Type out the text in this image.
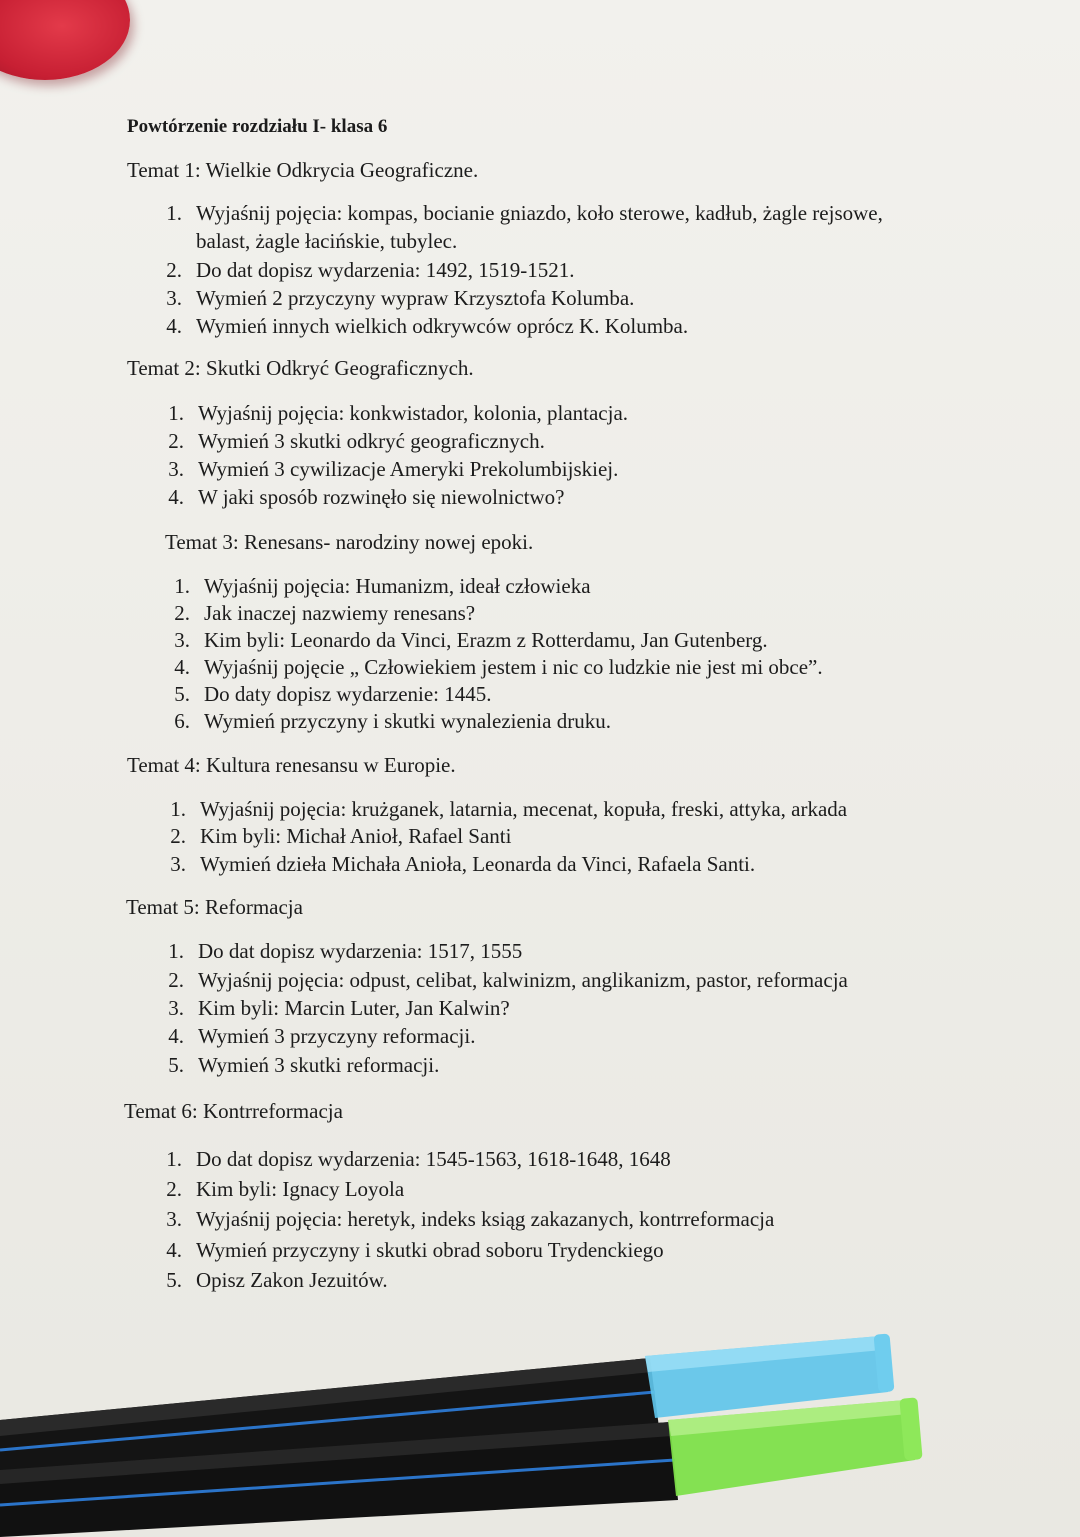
Powtórzenie rozdziału I- klasa 6
Temat 1: Wielkie Odkrycia Geograficzne.
1. Wyjaśnij pojęcia: kompas, bocianie gniazdo, koło sterowe, kadłub, żagle rejsowe,
balast, żagle łacińskie, tubylec.
2. Do dat dopisz wydarzenia: 1492, 1519-1521.
3. Wymień 2 przyczyny wypraw Krzysztofa Kolumba.
4. Wymień innych wielkich odkrywców oprócz K. Kolumba.
Temat 2: Skutki Odkryć Geograficznych.
1. Wyjaśnij pojęcia: konkwistador, kolonia, plantacja.
2. Wymień 3 skutki odkryć geograficznych.
3. Wymień 3 cywilizacje Ameryki Prekolumbijskiej.
4. W jaki sposób rozwinęło się niewolnictwo?
Temat 3: Renesans- narodziny nowej epoki.
1. Wyjaśnij pojęcia: Humanizm, ideał człowieka
2. Jak inaczej nazwiemy renesans?
3. Kim byli: Leonardo da Vinci, Erazm z Rotterdamu, Jan Gutenberg.
4. Wyjaśnij pojęcie „ Człowiekiem jestem i nic co ludzkie nie jest mi obce”.
5. Do daty dopisz wydarzenie: 1445.
6. Wymień przyczyny i skutki wynalezienia druku.
Temat 4: Kultura renesansu w Europie.
1. Wyjaśnij pojęcia: krużganek, latarnia, mecenat, kopuła, freski, attyka, arkada
2. Kim byli: Michał Anioł, Rafael Santi
3. Wymień dzieła Michała Anioła, Leonarda da Vinci, Rafaela Santi.
Temat 5: Reformacja
1. Do dat dopisz wydarzenia: 1517, 1555
2. Wyjaśnij pojęcia: odpust, celibat, kalwinizm, anglikanizm, pastor, reformacja
3. Kim byli: Marcin Luter, Jan Kalwin?
4. Wymień 3 przyczyny reformacji.
5. Wymień 3 skutki reformacji.
Temat 6: Kontrreformacja
1. Do dat dopisz wydarzenia: 1545-1563, 1618-1648, 1648
2. Kim byli: Ignacy Loyola
3. Wyjaśnij pojęcia: heretyk, indeks ksiąg zakazanych, kontrreformacja
4. Wymień przyczyny i skutki obrad soboru Trydenckiego
5. Opisz Zakon Jezuitów.
